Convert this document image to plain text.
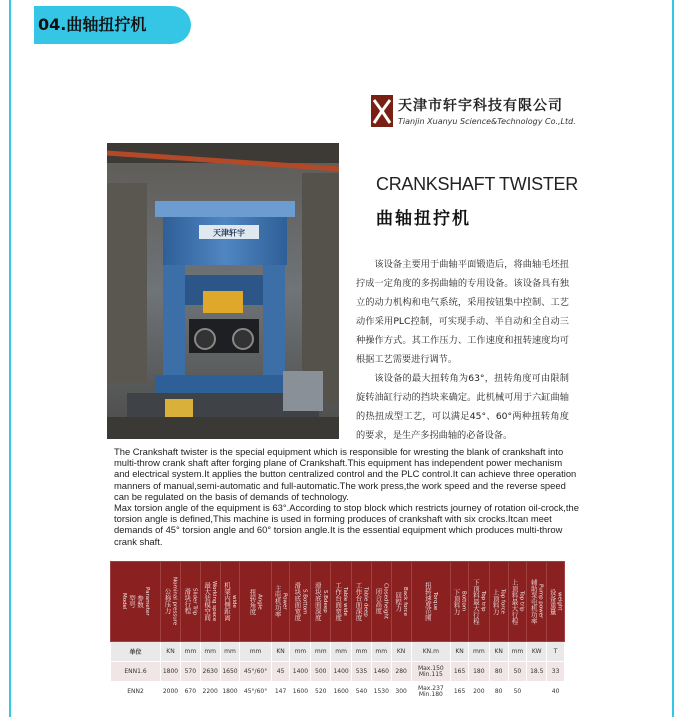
04.曲轴扭拧机
天津市轩宇科技有限公司
Tianjin Xuanyu Science&Technology Co.,Ltd.
天津轩宇
CRANKSHAFT TWISTER
曲轴扭拧机

该设备主要用于曲轴平面锻造后，将曲轴毛坯扭拧成一定角度的多拐曲轴的专用设备。该设备具有独立的动力机构和电气系统，采用按钮集中控制、工艺动作采用PLC控制，可实现手动、半自动和全自动三种操作方式。其工作压力、工作速度和扭转速度均可根据工艺需要进行调节。

该设备的最大扭转角为63°，扭转角度可由限制旋转油缸行动的挡块来确定。此机械可用于六缸曲轴的热扭成型工艺，可以满足45°、60°两种扭转角度的要求，是生产多拐曲轴的必备设备。

The Crankshaft twister is the special equipment which is responsible for wresting the blank of crankshaft into multi-throw crank shaft after forging plane of Crankshaft.This equipment has independent power mechanism and electrical system.It applies the button centralized control and the PLC control.It can achieve three operation manners of manual,semi-automatic and full-automatic.The work press,the work speed and the reverse speed can be regulated on the basis of demands of technology.

Max torsion angle of the equipment is 63°.According to stop block which restricts journey of rotation oil-crock,the torsion angle is defined,This machine is used in forming produces of crankshaft with six crocks.Itcan meet demands of 45° torsion angle and 60° torsion angle.It is the essential equipment which produces multi-throw crank shaft.

Model 型号 参数 Parameter	公称压力 Nominal pressure	滑块行程 Slider Trip	最大装模空间 Working space	机架内侧距离 wide	扭转角度 Angle	主电机功率 Power	滑块底面宽度 S.Bottom	滑块底面深度 S.Bdeep	工作台面宽度 Table wide	工作台面深度 Table deep	闭合高度 Closedheight	回程力 Back force	扭转速度范围 Torque	下顶料力 Bottom	下顶料最大行程 Top trip	上顶料力 Top force	上顶料最大行程 Top trip	辅助泵电机功率 Pump power	设备重量 weight

单位	KN	mm	mm	mm	mm	KN	mm	mm	mm	mm	mm	KN	KN.m	KN	mm	KN	mm	KW	T
ENN1.6	1800	570	2630	1650	45°/60°	45	1400	500	1400	535	1460	280	Max.150 Min.115	165	180	80	50	18.5	33
ENN2	2000	670	2200	1800	45°/60°	147	1600	520	1600	540	1530	300	Max.237 Min.180	165	200	80	50		40
